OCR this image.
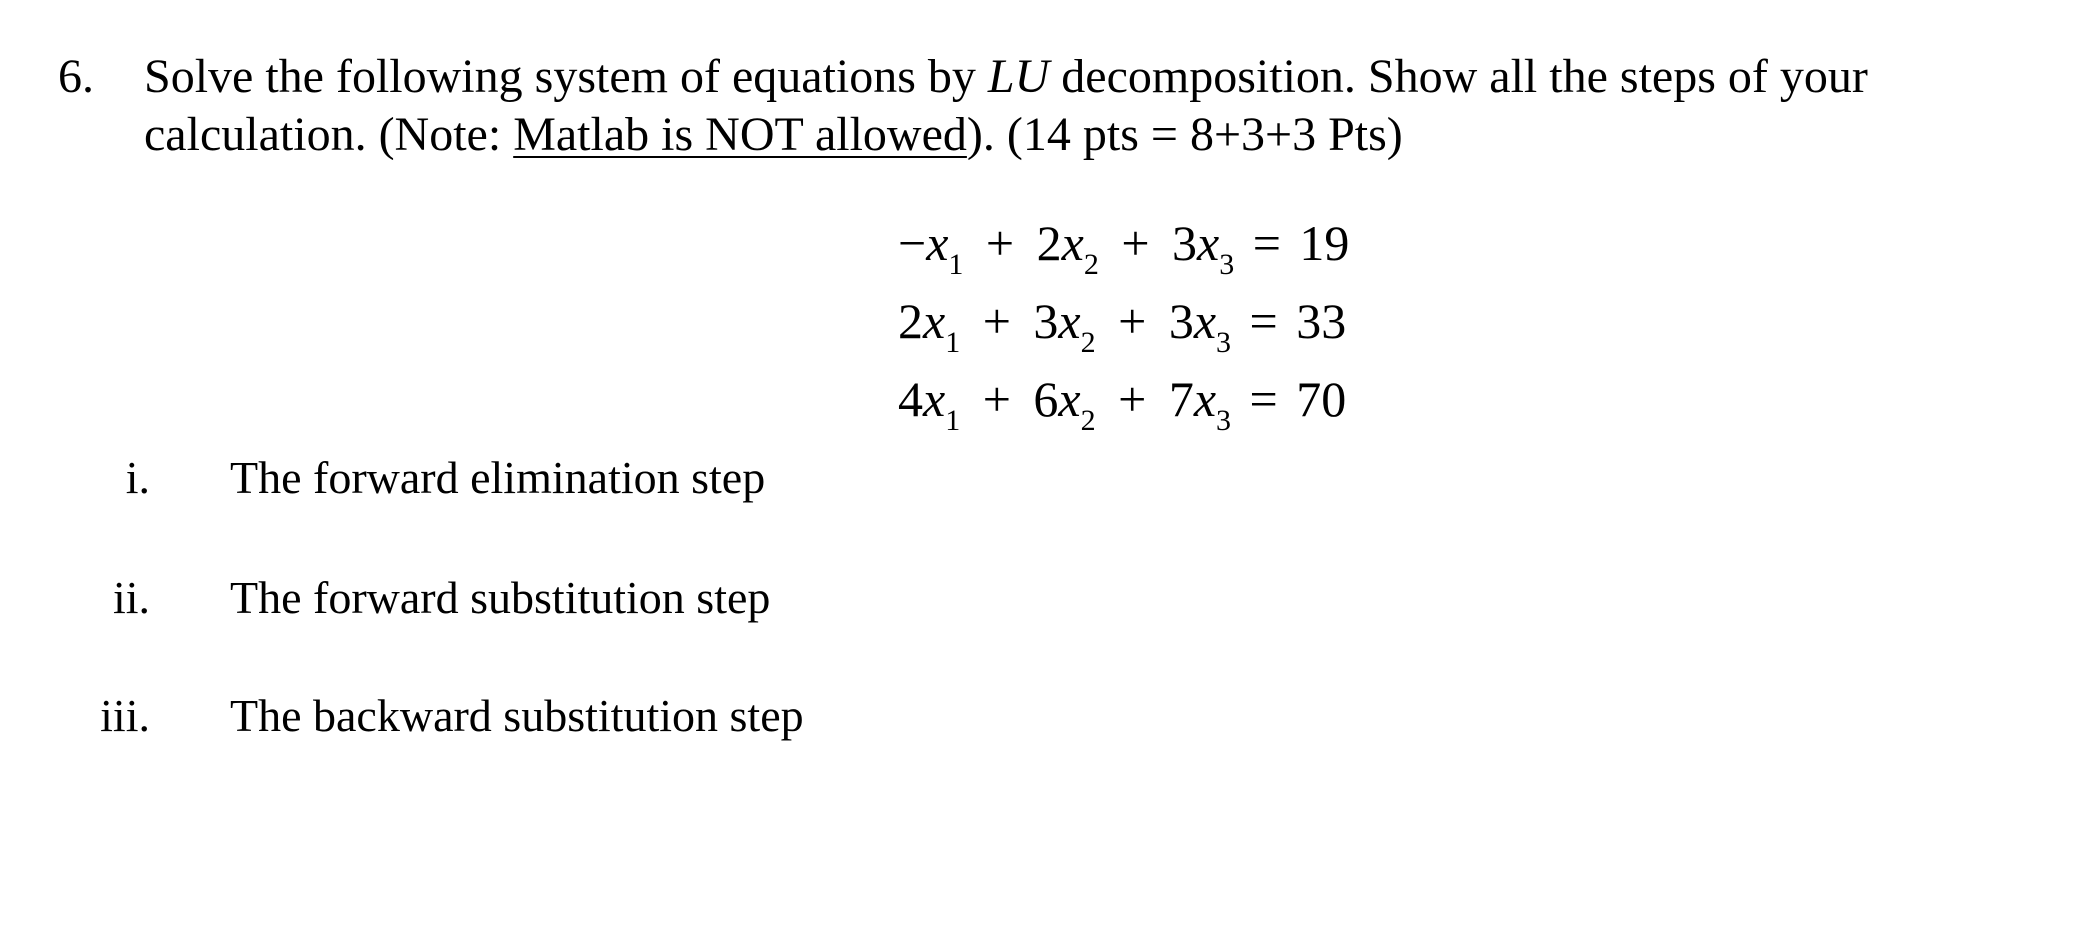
6. Solve the following system of equations by LU decomposition. Show all the steps of your
calculation. (Note: Matlab is NOT allowed). (14 pts = 8+3+3 Pts)
$-x_1 + 2x_2 + 3x_3 = 19$
$2x_1 + 3x_2 + 3x_3 = 33$
$4x_1 + 6x_2 + 7x_3 = 70$
i. The forward elimination step
ii. The forward substitution step
iii. The backward substitution step
